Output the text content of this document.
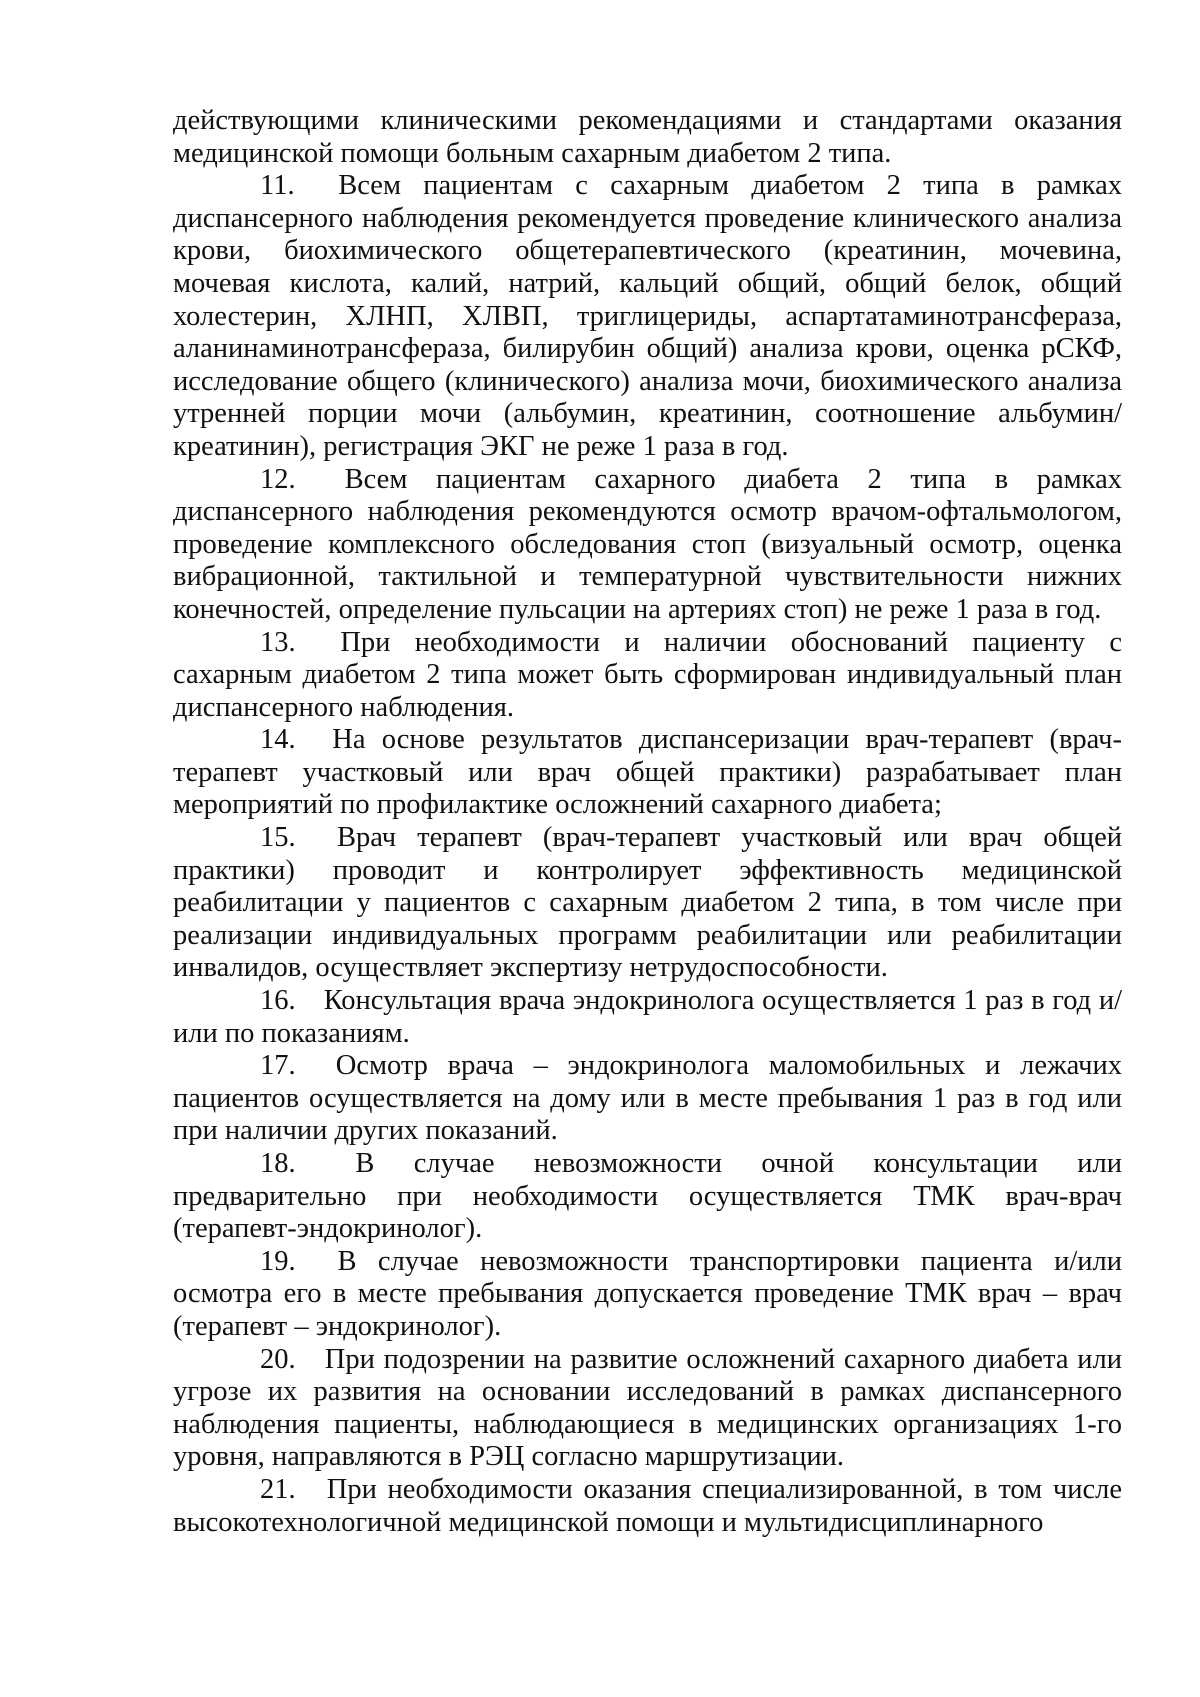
действующими клиническими рекомендациями и стандартами оказания медицинской помощи больным сахарным диабетом 2 типа.

11. Всем пациентам с сахарным диабетом 2 типа в рамках диспансерного наблюдения рекомендуется проведение клинического анализа крови, биохимического общетерапевтического (креатинин, мочевина, мочевая кислота, калий, натрий, кальций общий, общий белок, общий холестерин, ХЛНП, ХЛВП, триглицериды, аспартатаминотрансфераза, аланинаминотрансфераза, билирубин общий) анализа крови, оценка рСКФ, исследование общего (клинического) анализа мочи, биохимического анализа утренней порции мочи (альбумин, креатинин, соотношение альбумин/креатинин), регистрация ЭКГ не реже 1 раза в год.

12. Всем пациентам сахарного диабета 2 типа в рамках диспансерного наблюдения рекомендуются осмотр врачом-офтальмологом, проведение комплексного обследования стоп (визуальный осмотр, оценка вибрационной, тактильной и температурной чувствительности нижних конечностей, определение пульсации на артериях стоп) не реже 1 раза в год.

13. При необходимости и наличии обоснований пациенту с сахарным диабетом 2 типа может быть сформирован индивидуальный план диспансерного наблюдения.

14. На основе результатов диспансеризации врач-терапевт (врач-терапевт участковый или врач общей практики) разрабатывает план мероприятий по профилактике осложнений сахарного диабета;

15. Врач терапевт (врач-терапевт участковый или врач общей практики) проводит и контролирует эффективность медицинской реабилитации у пациентов с сахарным диабетом 2 типа, в том числе при реализации индивидуальных программ реабилитации или реабилитации инвалидов, осуществляет экспертизу нетрудоспособности.

16. Консультация врача эндокринолога осуществляется 1 раз в год и/или по показаниям.

17. Осмотр врача – эндокринолога маломобильных и лежачих пациентов осуществляется на дому или в месте пребывания 1 раз в год или при наличии других показаний.

18. В случае невозможности очной консультации или предварительно при необходимости осуществляется ТМК врач-врач (терапевт-эндокринолог).

19. В случае невозможности транспортировки пациента и/или осмотра его в месте пребывания допускается проведение ТМК врач – врач (терапевт – эндокринолог).

20. При подозрении на развитие осложнений сахарного диабета или угрозе их развития на основании исследований в рамках диспансерного наблюдения пациенты, наблюдающиеся в медицинских организациях 1-го уровня, направляются в РЭЦ согласно маршрутизации.

21. При необходимости оказания специализированной, в том числе высокотехнологичной медицинской помощи и мультидисциплинарного
